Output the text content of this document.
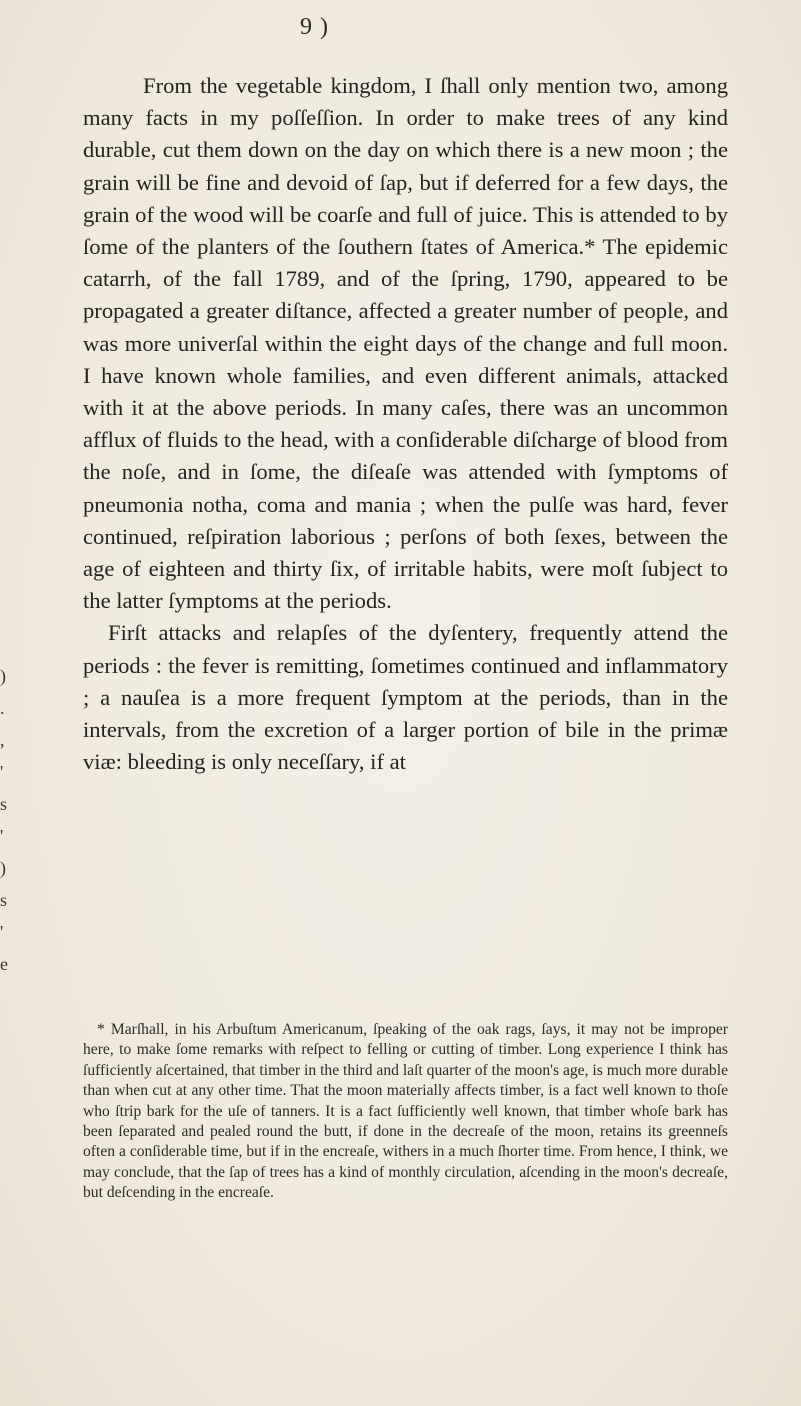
9 )
)
.
,
'
s
'
)
s
'
e

From the vegetable kingdom, I ſhall only mention two, among many facts in my poſſeſſion. In order to make trees of any kind durable, cut them down on the day on which there is a new moon ; the grain will be fine and devoid of ſap, but if deferred for a few days, the grain of the wood will be coarſe and full of juice. This is attended to by ſome of the planters of the ſouthern ſtates of America.* The epidemic catarrh, of the fall 1789, and of the ſpring, 1790, appeared to be propagated a greater diſtance, affected a greater number of people, and was more univerſal within the eight days of the change and full moon. I have known whole families, and even different animals, attacked with it at the above periods. In many caſes, there was an uncommon afflux of fluids to the head, with a conſiderable diſcharge of blood from the noſe, and in ſome, the diſeaſe was attended with ſymptoms of pneumonia notha, coma and mania ; when the pulſe was hard, fever continued, reſpiration laborious ; perſons of both ſexes, between the age of eighteen and thirty ſix, of irritable habits, were moſt ſubject to the latter ſymptoms at the periods.

Firſt attacks and relapſes of the dyſentery, frequently attend the periods : the fever is remitting, ſometimes continued and inflammatory ; a nauſea is a more frequent ſymptom at the periods, than in the intervals, from the excretion of a larger portion of bile in the primæ viæ: bleeding is only neceſſary, if at

* Marſhall, in his Arbuſtum Americanum, ſpeaking of the oak rags, ſays, it may not be improper here, to make ſome remarks with reſpect to felling or cutting of timber. Long experience I think has ſufficiently aſcertained, that timber in the third and laſt quarter of the moon's age, is much more durable than when cut at any other time. That the moon materially affects timber, is a fact well known to thoſe who ſtrip bark for the uſe of tanners. It is a fact ſufficiently well known, that timber whoſe bark has been ſeparated and pealed round the butt, if done in the decreaſe of the moon, retains its greenneſs often a conſiderable time, but if in the encreaſe, withers in a much ſhorter time. From hence, I think, we may conclude, that the ſap of trees has a kind of monthly circulation, aſcending in the moon's decreaſe, but deſcending in the encreaſe.
